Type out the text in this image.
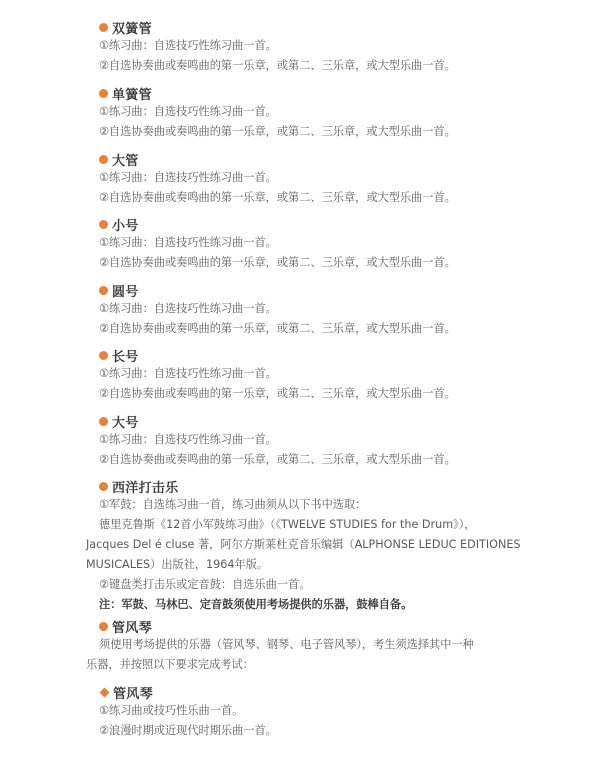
双簧管
①练习曲：自选技巧性练习曲一首。
②自选协奏曲或奏鸣曲的第一乐章，或第二、三乐章，或大型乐曲一首。
单簧管
①练习曲：自选技巧性练习曲一首。
②自选协奏曲或奏鸣曲的第一乐章，或第二、三乐章，或大型乐曲一首。
大管
①练习曲：自选技巧性练习曲一首。
②自选协奏曲或奏鸣曲的第一乐章，或第二、三乐章，或大型乐曲一首。
小号
①练习曲：自选技巧性练习曲一首。
②自选协奏曲或奏鸣曲的第一乐章，或第二、三乐章，或大型乐曲一首。
圆号
①练习曲：自选技巧性练习曲一首。
②自选协奏曲或奏鸣曲的第一乐章，或第二、三乐章，或大型乐曲一首。
长号
①练习曲：自选技巧性练习曲一首。
②自选协奏曲或奏鸣曲的第一乐章，或第二、三乐章，或大型乐曲一首。
大号
①练习曲：自选技巧性练习曲一首。
②自选协奏曲或奏鸣曲的第一乐章，或第二、三乐章，或大型乐曲一首。
西洋打击乐
①军鼓：自选练习曲一首，练习曲须从以下书中选取：
德里克鲁斯《12首小军鼓练习曲》（《TWELVE STUDIES for the Drum》），
Jacques Del é cluse 著，阿尔方斯莱杜克音乐编辑（ALPHONSE LEDUC EDITIONES
MUSICALES）出版社，1964年版。
②键盘类打击乐或定音鼓：自选乐曲一首。
注：军鼓、马林巴、定音鼓须使用考场提供的乐器，鼓棒自备。
管风琴
须使用考场提供的乐器（管风琴、钢琴、电子管风琴），考生须选择其中一种
乐器，并按照以下要求完成考试：
管风琴
①练习曲或技巧性乐曲一首。
②浪漫时期或近现代时期乐曲一首。
